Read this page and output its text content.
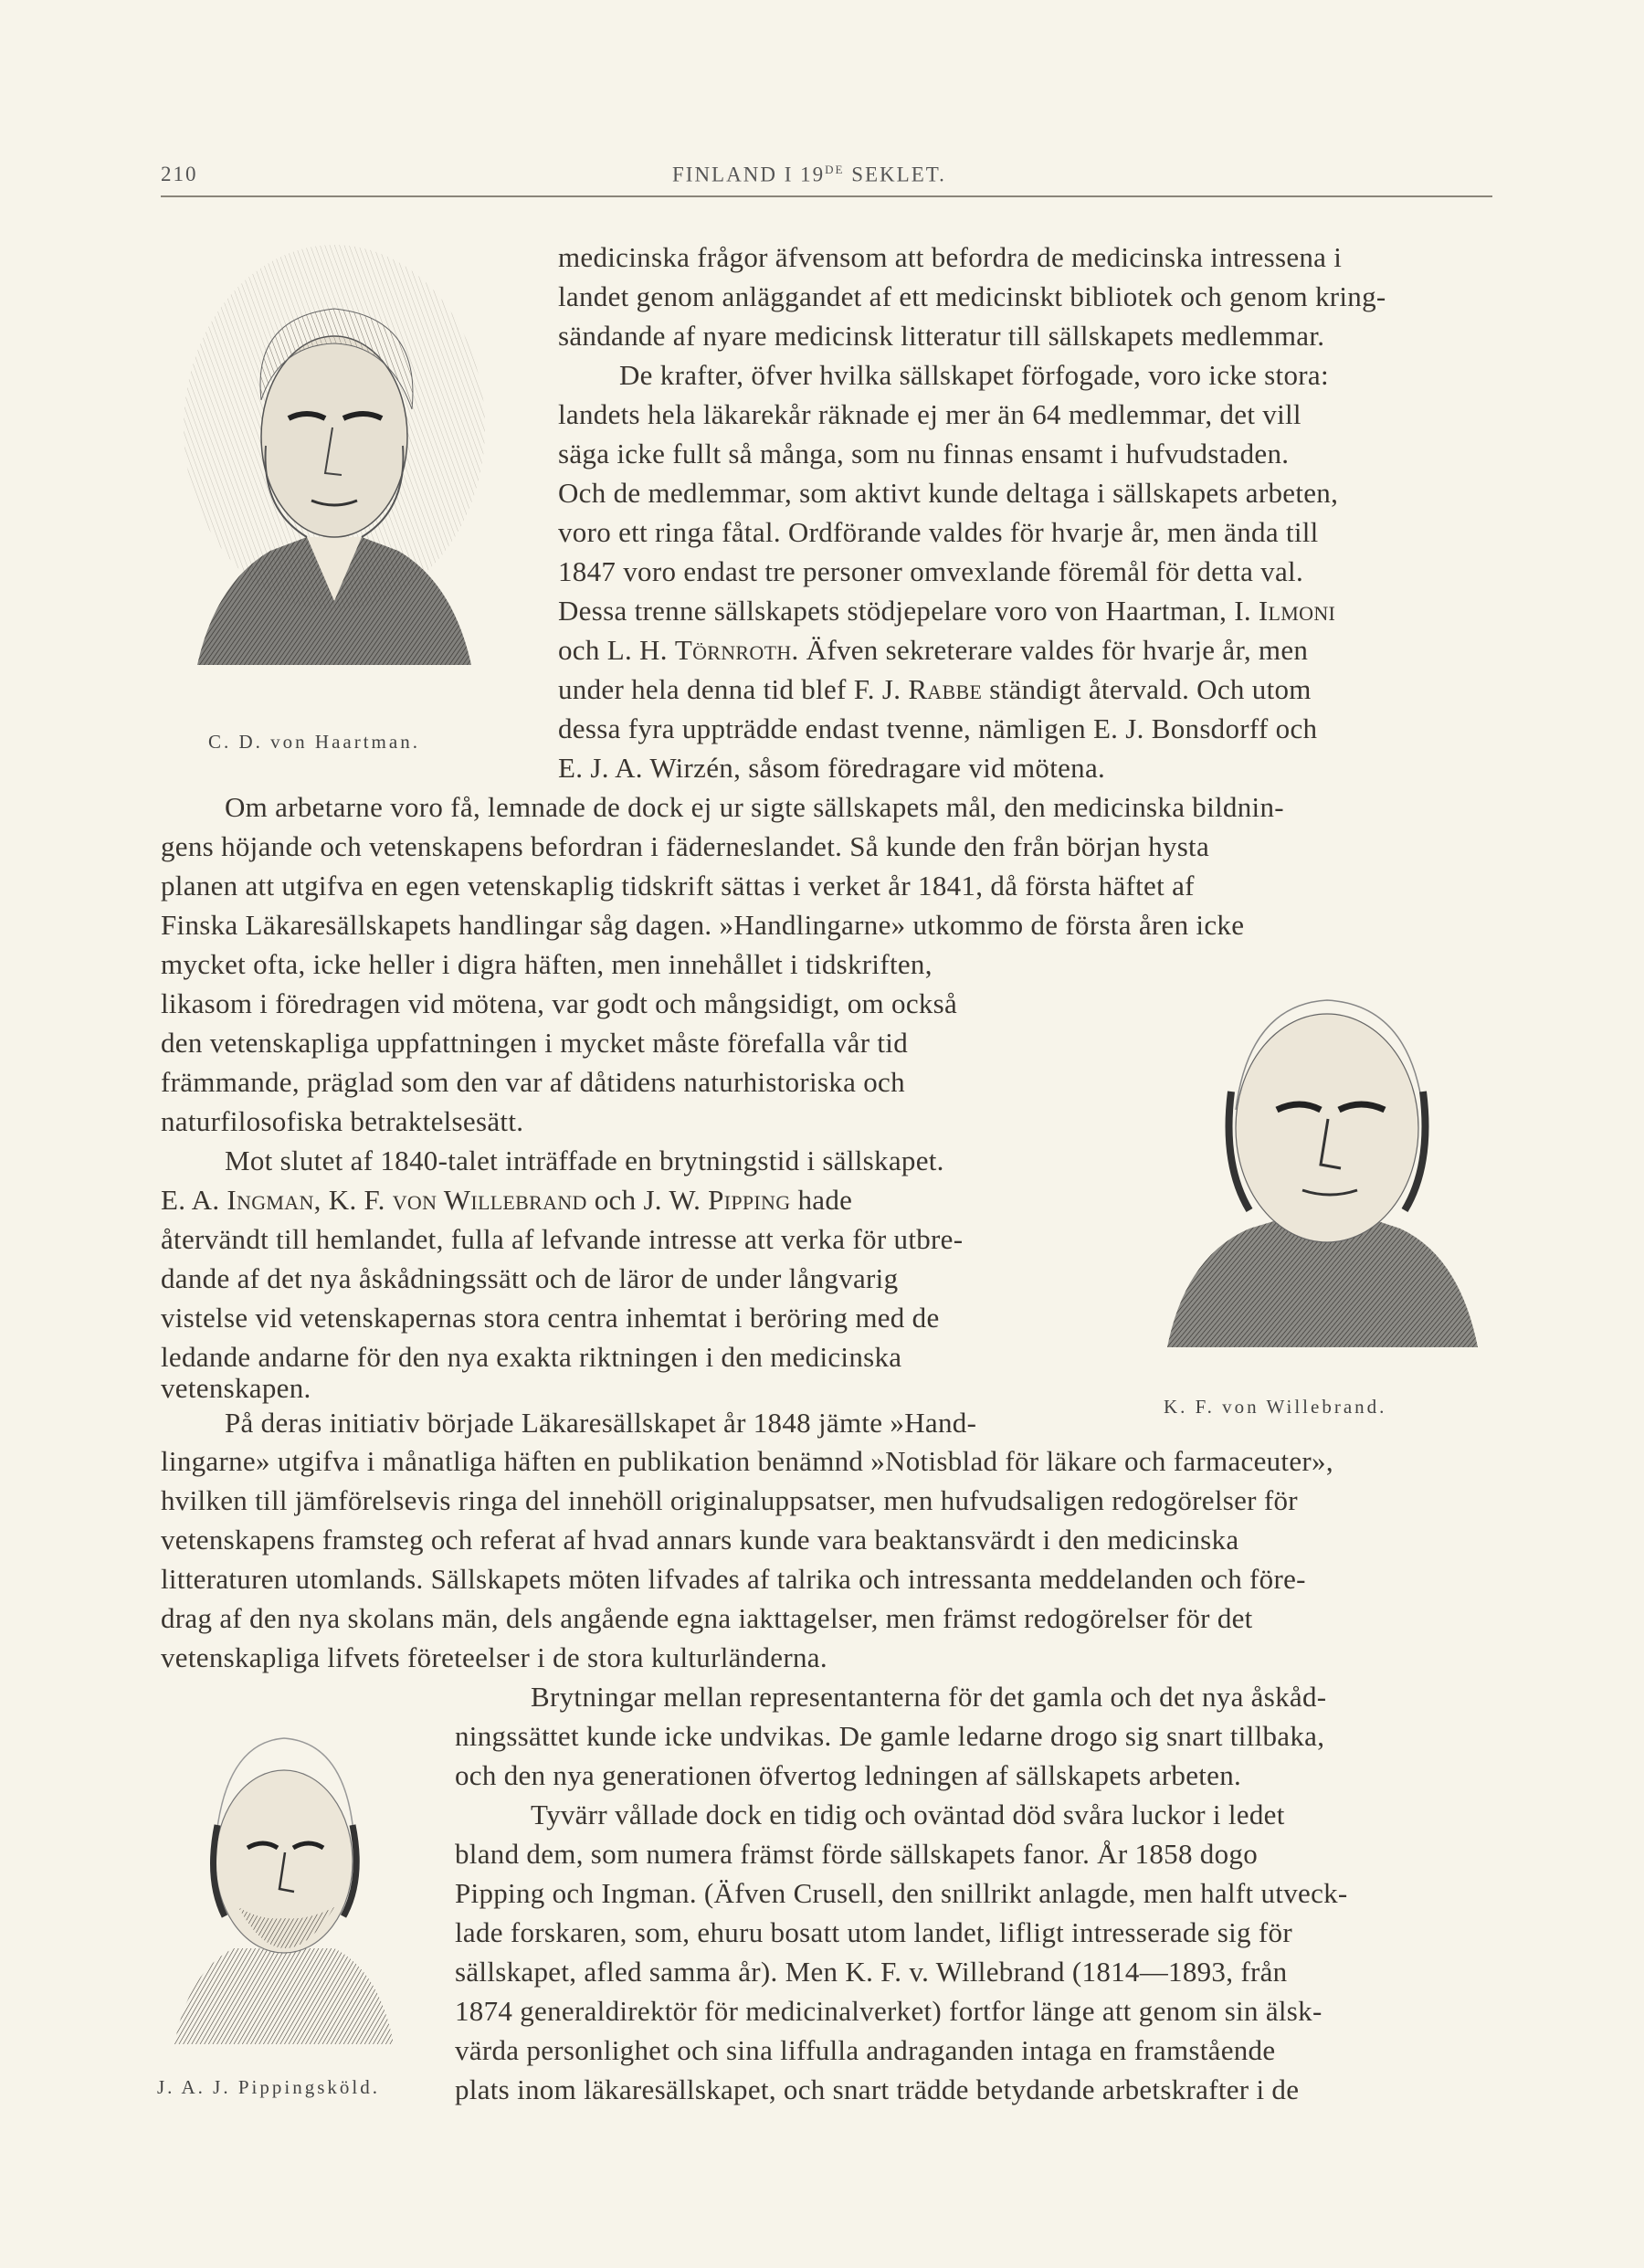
210	FINLAND I 19DE SEKLET.
C. D. von Haartman.
K. F. von Willebrand.
J. A. J. Pippingsköld.
medicinska frågor äfvensom att befordra de medicinska intressena i
landet genom anläggandet af ett medicinskt bibliotek och genom kring-
sändande af nyare medicinsk litteratur till sällskapets medlemmar.
De krafter, öfver hvilka sällskapet förfogade, voro icke stora:
landets hela läkarekår räknade ej mer än 64 medlemmar, det vill
säga icke fullt så många, som nu finnas ensamt i hufvudstaden.
Och de medlemmar, som aktivt kunde deltaga i sällskapets arbeten,
voro ett ringa fåtal. Ordförande valdes för hvarje år, men ända till
1847 voro endast tre personer omvexlande föremål för detta val.
Dessa trenne sällskapets stödjepelare voro von Haartman, I. Ilmoni
och L. H. Törnroth. Äfven sekreterare valdes för hvarje år, men
under hela denna tid blef F. J. Rabbe ständigt återvald. Och utom
dessa fyra uppträdde endast tvenne, nämligen E. J. Bonsdorff och
E. J. A. Wirzén, såsom föredragare vid mötena.
Om arbetarne voro få, lemnade de dock ej ur sigte sällskapets mål, den medicinska bildnin-
gens höjande och vetenskapens befordran i fäderneslandet. Så kunde den från början hysta
planen att utgifva en egen vetenskaplig tidskrift sättas i verket år 1841, då första häftet af
Finska Läkaresällskapets handlingar såg dagen. »Handlingarne» utkommo de första åren icke
mycket ofta, icke heller i digra häften, men innehållet i tidskriften,
likasom i föredragen vid mötena, var godt och mångsidigt, om också
den vetenskapliga uppfattningen i mycket måste förefalla vår tid
främmande, präglad som den var af dåtidens naturhistoriska och
naturfilosofiska betraktelsesätt.
Mot slutet af 1840-talet inträffade en brytningstid i sällskapet.
E. A. Ingman, K. F. von Willebrand och J. W. Pipping hade
återvändt till hemlandet, fulla af lefvande intresse att verka för utbre-
dande af det nya åskådningssätt och de läror de under långvarig
vistelse vid vetenskapernas stora centra inhemtat i beröring med de
ledande andarne för den nya exakta riktningen i den medicinska
vetenskapen.
På deras initiativ började Läkaresällskapet år 1848 jämte »Hand-
lingarne» utgifva i månatliga häften en publikation benämnd »Notisblad för läkare och farmaceuter»,
hvilken till jämförelsevis ringa del innehöll originaluppsatser, men hufvudsaligen redogörelser för
vetenskapens framsteg och referat af hvad annars kunde vara beaktansvärdt i den medicinska
litteraturen utomlands. Sällskapets möten lifvades af talrika och intressanta meddelanden och före-
drag af den nya skolans män, dels angående egna iakttagelser, men främst redogörelser för det
vetenskapliga lifvets företeelser i de stora kulturländerna.
Brytningar mellan representanterna för det gamla och det nya åskåd-
ningssättet kunde icke undvikas. De gamle ledarne drogo sig snart tillbaka,
och den nya generationen öfvertog ledningen af sällskapets arbeten.
Tyvärr vållade dock en tidig och oväntad död svåra luckor i ledet
bland dem, som numera främst förde sällskapets fanor. År 1858 dogo
Pipping och Ingman. (Äfven Crusell, den snillrikt anlagde, men halft utveck-
lade forskaren, som, ehuru bosatt utom landet, lifligt intresserade sig för
sällskapet, afled samma år). Men K. F. v. Willebrand (1814—1893, från
1874 generaldirektör för medicinalverket) fortfor länge att genom sin älsk-
värda personlighet och sina liffulla andraganden intaga en framstående
plats inom läkaresällskapet, och snart trädde betydande arbetskrafter i de
